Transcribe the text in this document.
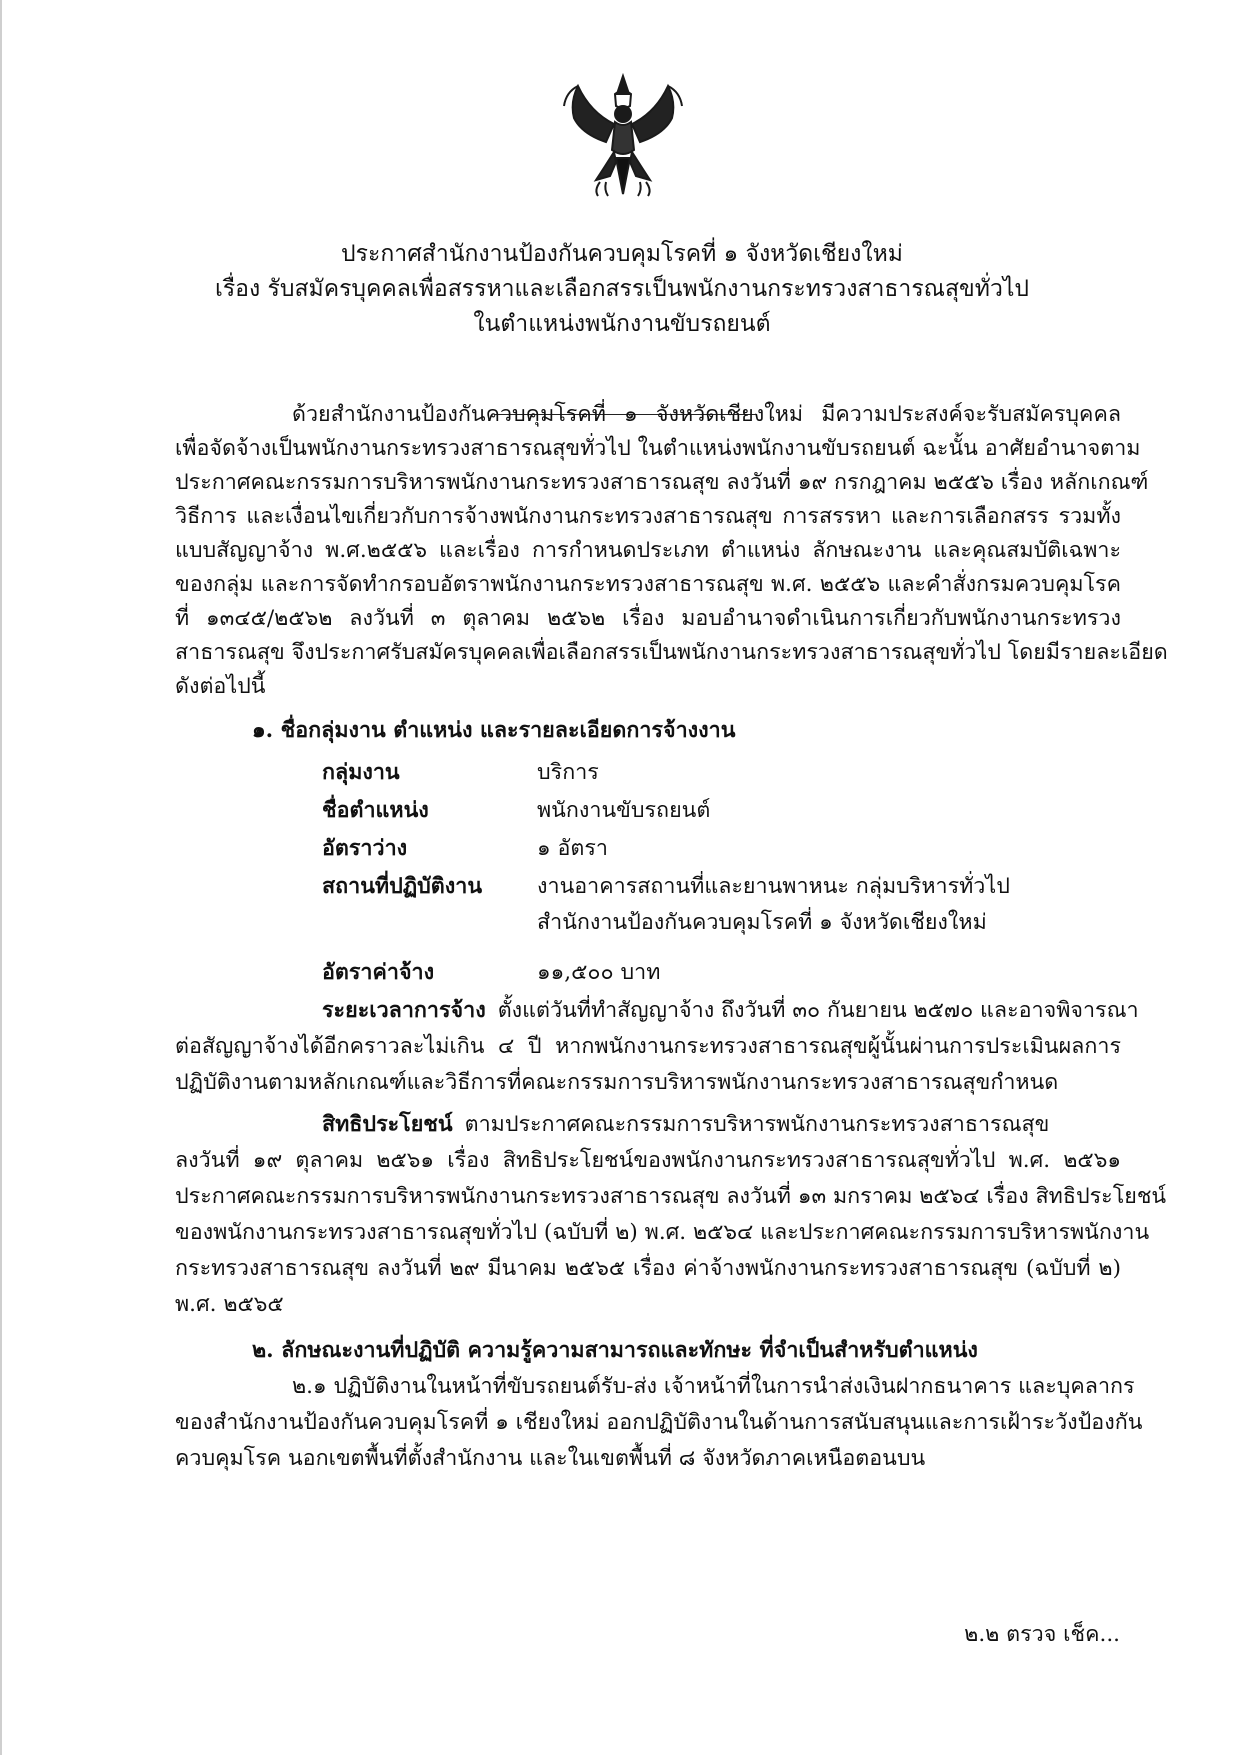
ประกาศสำนักงานป้องกันควบคุมโรคที่ ๑ จังหวัดเชียงใหม่
เรื่อง รับสมัครบุคคลเพื่อสรรหาและเลือกสรรเป็นพนักงานกระทรวงสาธารณสุขทั่วไป
ในตำแหน่งพนักงานขับรถยนต์
ด้วยสำนักงานป้องกันควบคุมโรคที่ ๑ จังหวัดเชียงใหม่ มีความประสงค์จะรับสมัครบุคคล
เพื่อจัดจ้างเป็นพนักงานกระทรวงสาธารณสุขทั่วไป ในตำแหน่งพนักงานขับรถยนต์ ฉะนั้น อาศัยอำนาจตาม
ประกาศคณะกรรมการบริหารพนักงานกระทรวงสาธารณสุข ลงวันที่ ๑๙ กรกฎาคม ๒๕๕๖ เรื่อง หลักเกณฑ์
วิธีการ และเงื่อนไขเกี่ยวกับการจ้างพนักงานกระทรวงสาธารณสุข การสรรหา และการเลือกสรร รวมทั้ง
แบบสัญญาจ้าง พ.ศ.๒๕๕๖ และเรื่อง การกำหนดประเภท ตำแหน่ง ลักษณะงาน และคุณสมบัติเฉพาะ
ของกลุ่ม และการจัดทำกรอบอัตราพนักงานกระทรวงสาธารณสุข พ.ศ. ๒๕๕๖ และคำสั่งกรมควบคุมโรค
ที่ ๑๓๔๕/๒๕๖๒ ลงวันที่ ๓ ตุลาคม ๒๕๖๒ เรื่อง มอบอำนาจดำเนินการเกี่ยวกับพนักงานกระทรวง
สาธารณสุข จึงประกาศรับสมัครบุคคลเพื่อเลือกสรรเป็นพนักงานกระทรวงสาธารณสุขทั่วไป โดยมีรายละเอียด
ดังต่อไปนี้
๑. ชื่อกลุ่มงาน ตำแหน่ง และรายละเอียดการจ้างงาน
กลุ่มงาน	บริการ
ชื่อตำแหน่ง	พนักงานขับรถยนต์
อัตราว่าง	๑ อัตรา
สถานที่ปฏิบัติงาน	งานอาคารสถานที่และยานพาหนะ กลุ่มบริหารทั่วไป
สำนักงานป้องกันควบคุมโรคที่ ๑ จังหวัดเชียงใหม่
อัตราค่าจ้าง	๑๑,๕๐๐ บาท
ระยะเวลาการจ้าง ตั้งแต่วันที่ทำสัญญาจ้าง ถึงวันที่ ๓๐ กันยายน ๒๕๗๐ และอาจพิจารณา
ต่อสัญญาจ้างได้อีกคราวละไม่เกิน ๔ ปี หากพนักงานกระทรวงสาธารณสุขผู้นั้นผ่านการประเมินผลการ
ปฏิบัติงานตามหลักเกณฑ์และวิธีการที่คณะกรรมการบริหารพนักงานกระทรวงสาธารณสุขกำหนด
สิทธิประโยชน์ ตามประกาศคณะกรรมการบริหารพนักงานกระทรวงสาธารณสุข
ลงวันที่ ๑๙ ตุลาคม ๒๕๖๑ เรื่อง สิทธิประโยชน์ของพนักงานกระทรวงสาธารณสุขทั่วไป พ.ศ. ๒๕๖๑
ประกาศคณะกรรมการบริหารพนักงานกระทรวงสาธารณสุข ลงวันที่ ๑๓ มกราคม ๒๕๖๔ เรื่อง สิทธิประโยชน์
ของพนักงานกระทรวงสาธารณสุขทั่วไป (ฉบับที่ ๒) พ.ศ. ๒๕๖๔ และประกาศคณะกรรมการบริหารพนักงาน
กระทรวงสาธารณสุข ลงวันที่ ๒๙ มีนาคม ๒๕๖๕ เรื่อง ค่าจ้างพนักงานกระทรวงสาธารณสุข (ฉบับที่ ๒)
พ.ศ. ๒๕๖๕
๒. ลักษณะงานที่ปฏิบัติ ความรู้ความสามารถและทักษะ ที่จำเป็นสำหรับตำแหน่ง
๒.๑ ปฏิบัติงานในหน้าที่ขับรถยนต์รับ-ส่ง เจ้าหน้าที่ในการนำส่งเงินฝากธนาคาร และบุคลากร
ของสำนักงานป้องกันควบคุมโรคที่ ๑ เชียงใหม่ ออกปฏิบัติงานในด้านการสนับสนุนและการเฝ้าระวังป้องกัน
ควบคุมโรค นอกเขตพื้นที่ตั้งสำนักงาน และในเขตพื้นที่ ๘ จังหวัดภาคเหนือตอนบน
๒.๒ ตรวจ เช็ค...
